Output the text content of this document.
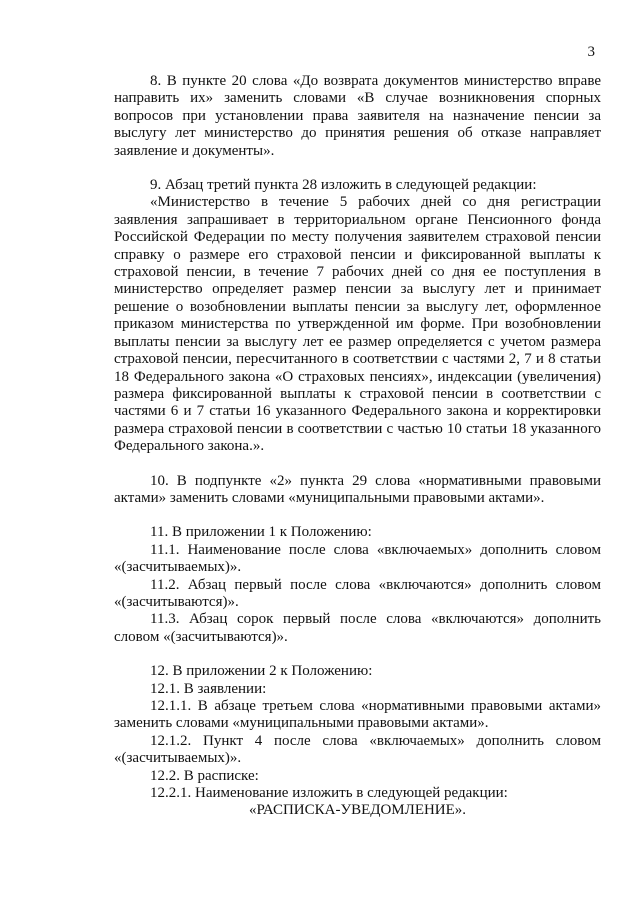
3

8. В пункте 20 слова «До возврата документов министерство вправе направить их» заменить словами «В случае возникновения спорных вопросов при установлении права заявителя на назначение пенсии за выслугу лет министерство до принятия решения об отказе направляет заявление и документы».

9. Абзац третий пункта 28 изложить в следующей редакции:

«Министерство в течение 5 рабочих дней со дня регистрации заявления запрашивает в территориальном органе Пенсионного фонда Российской Федерации по месту получения заявителем страховой пенсии справку о размере его страховой пенсии и фиксированной выплаты к страховой пенсии, в течение 7 рабочих дней со дня ее поступления в министерство определяет размер пенсии за выслугу лет и принимает решение о возобновлении выплаты пенсии за выслугу лет, оформленное приказом министерства по утвержденной им форме. При возобновлении выплаты пенсии за выслугу лет ее размер определяется с учетом размера страховой пенсии, пересчитанного в соответствии с частями 2, 7 и 8 статьи 18 Федерального закона «О страховых пенсиях», индексации (увеличения) размера фиксированной выплаты к страховой пенсии в соответствии с частями 6 и 7 статьи 16 указанного Федерального закона и корректировки размера страховой пенсии в соответствии с частью 10 статьи 18 указанного Федерального закона.».

10. В подпункте «2» пункта 29 слова «нормативными правовыми актами» заменить словами «муниципальными правовыми актами».

11. В приложении 1 к Положению:

11.1. Наименование после слова «включаемых» дополнить словом «(засчитываемых)».

11.2. Абзац первый после слова «включаются» дополнить словом «(засчитываются)».

11.3. Абзац сорок первый после слова «включаются» дополнить словом «(засчитываются)».

12. В приложении 2 к Положению:

12.1. В заявлении:

12.1.1. В абзаце третьем слова «нормативными правовыми актами» заменить словами «муниципальными правовыми актами».

12.1.2. Пункт 4 после слова «включаемых» дополнить словом «(засчитываемых)».

12.2. В расписке:

12.2.1. Наименование изложить в следующей редакции:

«РАСПИСКА-УВЕДОМЛЕНИЕ».
